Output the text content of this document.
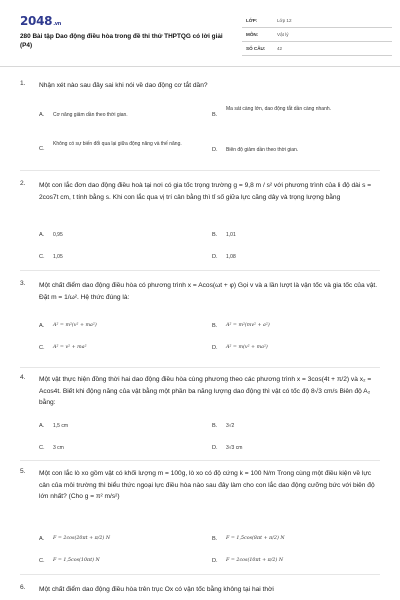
2048.vn
280 Bài tập Dao động điều hòa trong đề thi thử THPTQG có lời giải (P4)
LỚP:	Lớp 12
MÔN:	Vật lý
SỐ CÂU:	42
1. Nhận xét nào sau đây sai khi nói về dao động cơ tắt dần?
A. Cơ năng giảm dần theo thời gian.	B.
Ma sát càng lớn, dao động tắt dần càng nhanh.
C.
Không có sự biến đổi qua lại giữa động năng và thế năng.
D. Biên độ giảm dần theo thời gian.
2. Một con lắc đơn dao động điều hoà tại nơi có gia tốc trọng trường g = 9,8 m / s² với phương trình của li độ dài s = 2cos7t cm, t tính bằng s. Khi con lắc qua vị trí cân bằng thì tỉ số giữa lực căng dây và trọng lượng bằng
A. 0,95	B. 1,01
C. 1,05	D. 1,08
3. Một chất điểm dao động điều hòa có phương trình x = Acos(ωt + φ) Gọi v và a lần lượt là vận tốc và gia tốc của vật. Đặt m = 1/ω². Hệ thức đúng là:
A. A² = m²(v² + ma²)	B. A² = m²(mv² + a²)
C. A² = v² + ma²	D. A² = m(v² + ma²)
4. Một vật thực hiện đồng thời hai dao động điều hòa cùng phương theo các phương trình x = 3cos(4t + π/2) và x₂ = Acos4t. Biết khi động năng của vật bằng một phần ba năng lượng dao động thì vật có tốc độ 8√3 cm/s Biên độ A₂ bằng:
A. 1,5 cm	B. 3√2
C. 3 cm	D. 3√3 cm
5. Một con lắc lò xo gồm vật có khối lượng m = 100g, lò xo có độ cứng k = 100 N/m Trong cùng một điều kiện về lực cản của môi trường thì biểu thức ngoại lực điều hòa nào sau đây làm cho con lắc dao động cưỡng bức với biên độ lớn nhất? (Cho g = π² m/s²)
A. F = 2cos(20πt + π/2) N	B. F = 1,5cos(8πt + π/2) N
C. F = 1,5cos(10πt) N	D. F = 2cos(10πt + π/2) N
6. Một chất điểm dao động điều hòa trên trục Ox có vận tốc bằng không tại hai thời
